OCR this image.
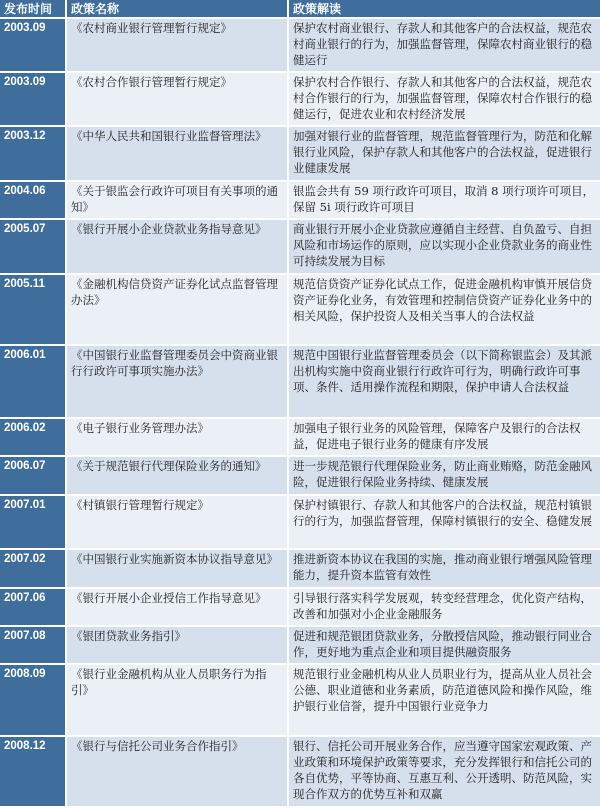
发布时间	政策名称	政策解读
2003.09	《农村商业银行管理暂行规定》	保护农村商业银行、存款人和其他客户的合法权益，规范农村商业银行的行为，加强监督管理，保障农村商业银行的稳健运行
2003.09	《农村合作银行管理暂行规定》	保护农村合作银行、存款人和其他客户的合法权益，规范农村合作银行的行为，加强监督管理，保障农村合作银行的稳健运行，促进农业和农村经济发展
2003.12	《中华人民共和国银行业监督管理法》	加强对银行业的监督管理，规范监督管理行为，防范和化解银行业风险，保护存款人和其他客户的合法权益，促进银行业健康发展
2004.06	《关于银监会行政许可项目有关事项的通知》	银监会共有 59 项行政许可项目，取消 8 项行项许可项目，保留 5i 项行政许可项目
2005.07	《银行开展小企业贷款业务指导意见》	商业银行开展小企业贷款应遵循自主经营、自负盈亏、自担风险和市场运作的原则，应以实现小企业贷款业务的商业性可持续发展为目标
2005.11	《金融机构信贷资产证券化试点监督管理办法》	规范信贷资产证券化试点工作，促进金融机构审慎开展信贷资产证券化业务，有效管理和控制信贷资产证券化业务中的相关风险，保护投资人及相关当事人的合法权益
2006.01	《中国银行业监督管理委员会中资商业银行行政许可事项实施办法》	规范中国银行业监督管理委员会（以下简称银监会）及其派出机构实施中资商业银行行政许可行为，明确行政许可事项、条件、适用操作流程和期限，保护申请人合法权益
2006.02	《电子银行业务管理办法》	加强电子银行业务的风险管理，保障客户及银行的合法权益，促进电子银行业务的健康有序发展
2006.07	《关于规范银行代理保险业务的通知》	进一步规范银行代理保险业务，防止商业贿赂，防范金融风险，促进银行保险业务持续、健康发展
2007.01	《村镇银行管理暂行规定》	保护村镇银行、存款人和其他客户的合法权益，规范村镇银行的行为，加强监督管理，保障村镇银行的安全、稳健发展
2007.02	《中国银行业实施新资本协议指导意见》	推进新资本协议在我国的实施，推动商业银行增强风险管理能力，提升资本监管有效性
2007.06	《银行开展小企业授信工作指导意见》	引导银行落实科学发展观，转变经营理念，优化资产结构，改善和加强对小企业金融服务
2007.08	《银团贷款业务指引》	促进和规范银团贷款业务，分散授信风险，推动银行同业合作，更好地为重点企业和项目提供融资服务
2008.09	《银行业金融机构从业人员职务行为指引》	规范银行业金融机构从业人员职业行为，提高从业人员社会公德、职业道德和业务素质，防范道德风险和操作风险，维护银行业信誉，提升中国银行业竞争力
2008.12	《银行与信托公司业务合作指引》	银行、信托公司开展业务合作，应当遵守国家宏观政策、产业政策和环境保护政策等要求，充分发挥银行和信托公司的各自优势，平等协商、互惠互利、公开透明、防范风险，实现合作双方的优势互补和双赢
